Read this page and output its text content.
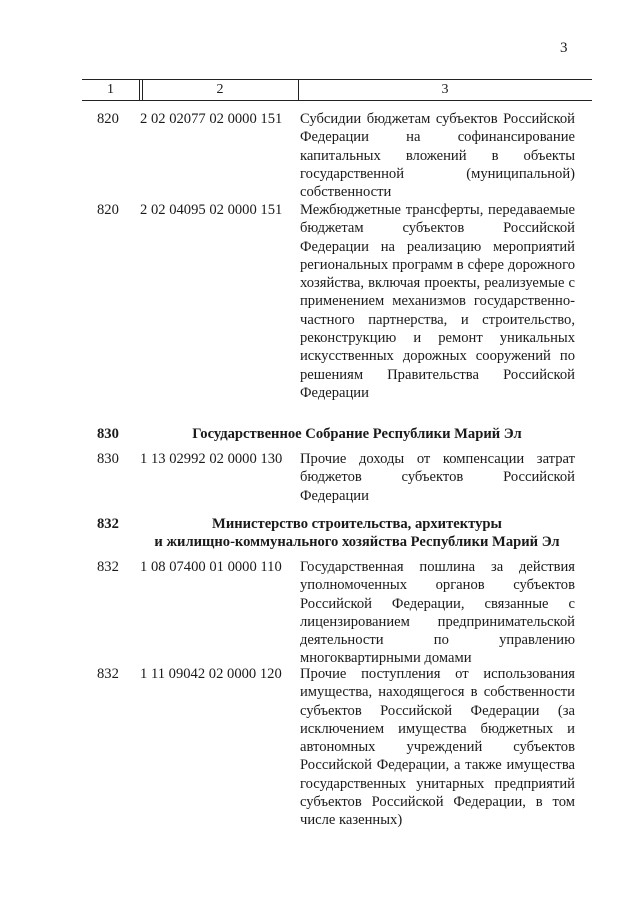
3
1	2	3
820 2 02 02077 02 0000 151 Субсидии бюджетам субъектов Российской Федерации на софинансирование капитальных вложений в объекты государственной (муниципальной) собственности
820 2 02 04095 02 0000 151 Межбюджетные трансферты, передаваемые бюджетам субъектов Российской Федерации на реализацию мероприятий региональных программ в сфере дорожного хозяйства, включая проекты, реализуемые с применением механизмов государственно-частного партнерства, и строительство, реконструкцию и ремонт уникальных искусственных дорожных сооружений по решениям Правительства Российской Федерации
830	Государственное Собрание Республики Марий Эл
830 1 13 02992 02 0000 130 Прочие доходы от компенсации затрат бюджетов субъектов Российской Федерации
832	Министерство строительства, архитектуры
и жилищно-коммунального хозяйства Республики Марий Эл
832 1 08 07400 01 0000 110 Государственная пошлина за действия уполномоченных органов субъектов Российской Федерации, связанные с лицензированием предпринимательской деятельности по управлению многоквартирными домами
832 1 11 09042 02 0000 120 Прочие поступления от использования имущества, находящегося в собственности субъектов Российской Федерации (за исключением имущества бюджетных и автономных учреждений субъектов Российской Федерации, а также имущества государственных унитарных предприятий субъектов Российской Федерации, в том числе казенных)
